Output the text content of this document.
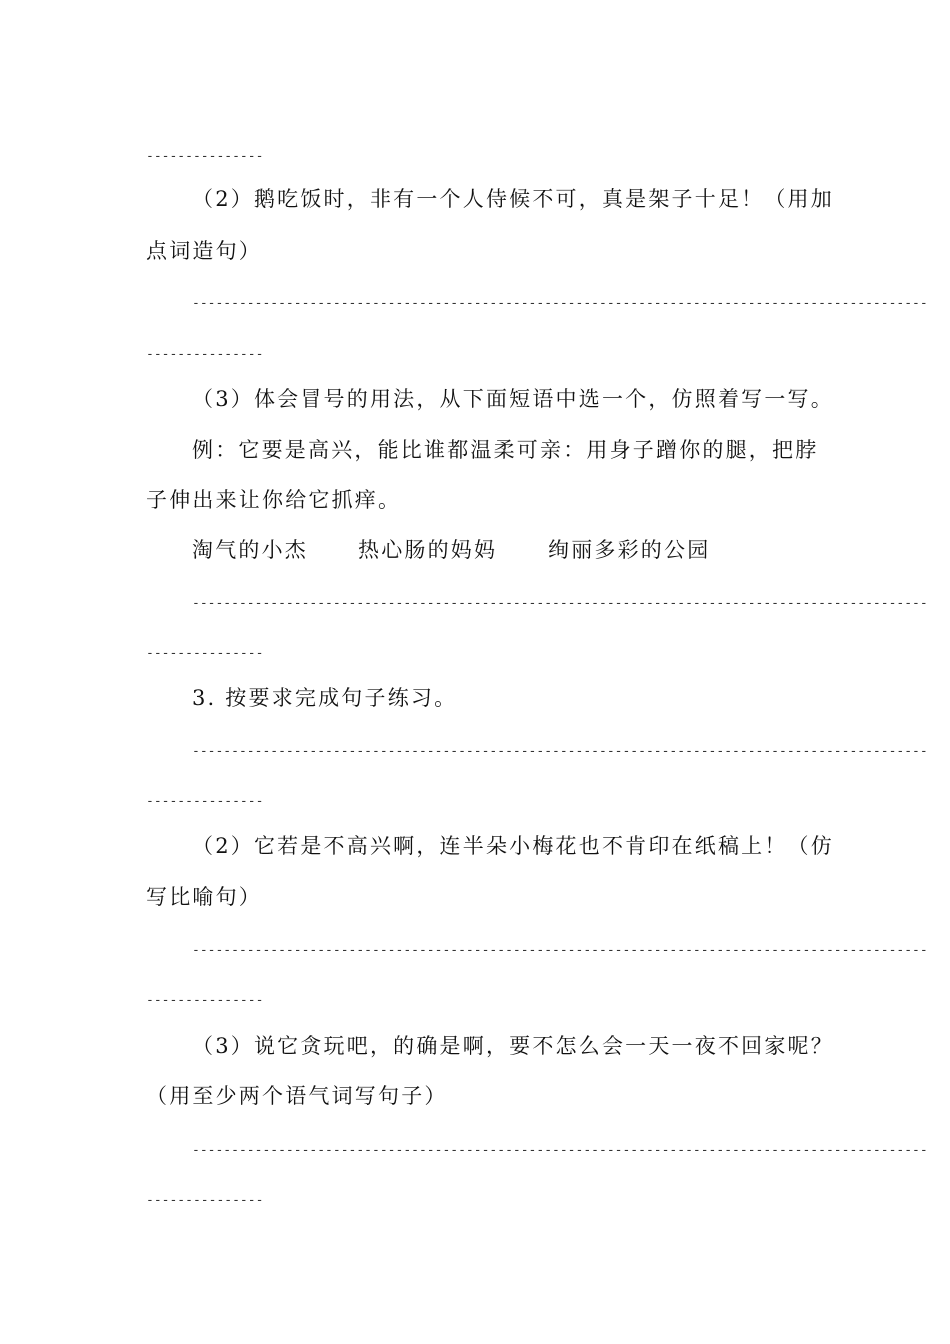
---------------
（2）鹅吃饭时，非有一个人侍候不可，真是架子十足！（用加
点词造句）
----------------------------------------------------------------------------------------------
---------------
（3）体会冒号的用法，从下面短语中选一个，仿照着写一写。
例：它要是高兴，能比谁都温柔可亲：用身子蹭你的腿，把脖
子伸出来让你给它抓痒。
淘气的小杰 热心肠的妈妈 绚丽多彩的公园
----------------------------------------------------------------------------------------------
---------------
3. 按要求完成句子练习。
----------------------------------------------------------------------------------------------
---------------
（2）它若是不高兴啊，连半朵小梅花也不肯印在纸稿上！（仿
写比喻句）
----------------------------------------------------------------------------------------------
---------------
（3）说它贪玩吧，的确是啊，要不怎么会一天一夜不回家呢？
（用至少两个语气词写句子）
----------------------------------------------------------------------------------------------
---------------
